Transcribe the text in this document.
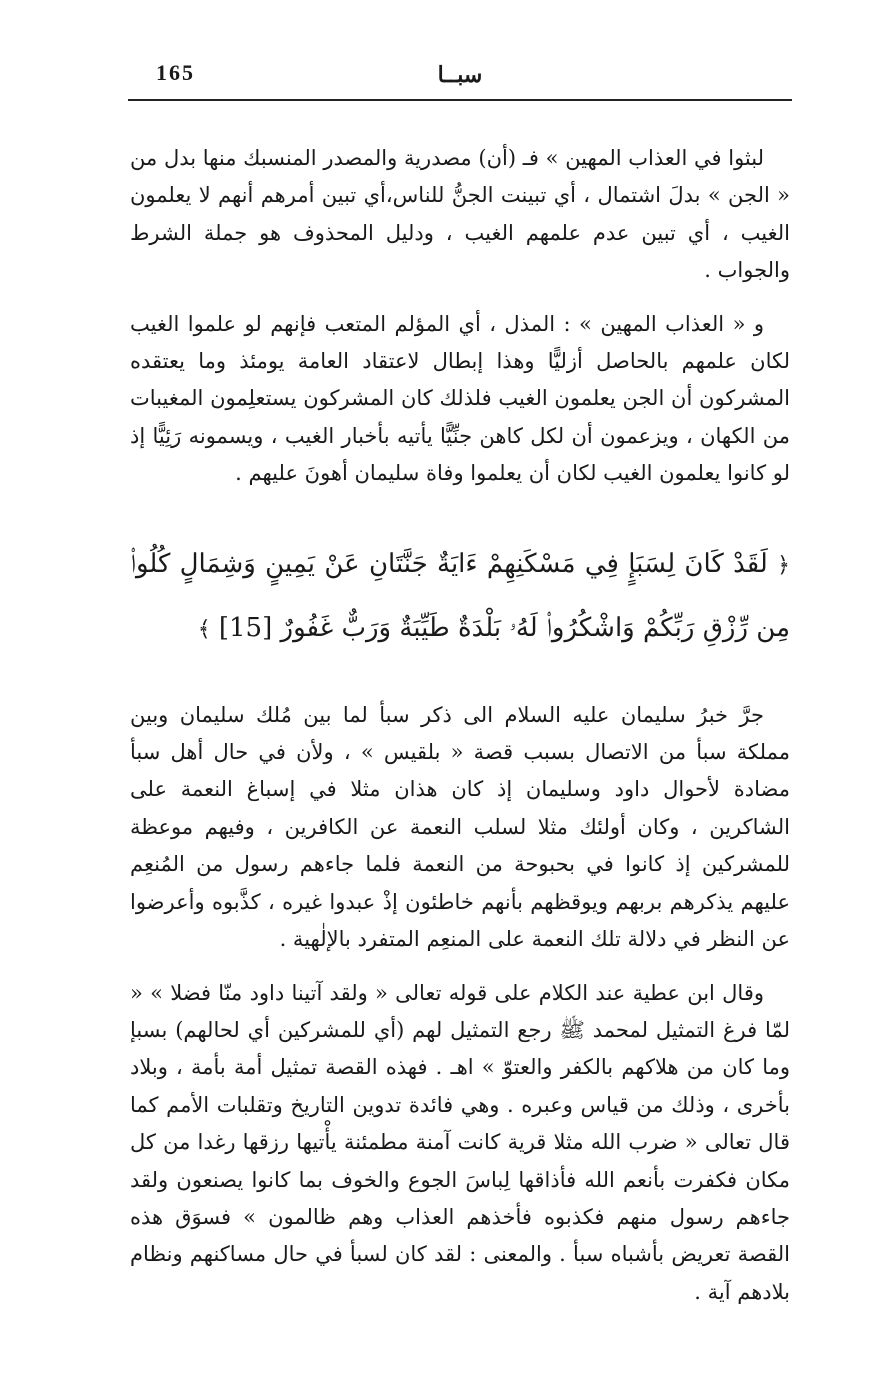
165	سبــا

لبثوا في العذاب المهين » فـ (أن) مصدرية والمصدر المنسبك منها بدل من « الجن » بدلَ اشتمال ، أي تبينت الجنُّ للناس،أي تبين أمرهم أنهم لا يعلمون الغيب ، أي تبين عدم علمهم الغيب ، ودليل المحذوف هو جملة الشرط والجواب .

و « العذاب المهين » : المذل ، أي المؤلم المتعب فإنهم لو علموا الغيب لكان علمهم بالحاصل أزليًّا وهذا إبطال لاعتقاد العامة يومئذ وما يعتقده المشركون أن الجن يعلمون الغيب فلذلك كان المشركون يستعلِمون المغيبات من الكهان ، ويزعمون أن لكل كاهن جنِّيًّا يأتيه بأخبار الغيب ، ويسمونه رَئِيًّا إذ لو كانوا يعلمون الغيب لكان أن يعلموا وفاة سليمان أهونَ عليهم .

﴿ لَقَدْ كَانَ لِسَبَإٍ فِي مَسْكَنِهِمْ ءَايَةٌ جَنَّتَانِ عَنْ يَمِينٍ وَشِمَالٍ كُلُوا۟ مِن رِّزْقِ رَبِّكُمْ وَاشْكُرُوا۟ لَهُۥ بَلْدَةٌ طَيِّبَةٌ وَرَبٌّ غَفُورٌ [15] ﴾

جرَّ خبرُ سليمان عليه السلام الى ذكر سبأ لما بين مُلك سليمان وبين مملكة سبأ من الاتصال بسبب قصة « بلقيس » ، ولأن في حال أهل سبأ مضادة لأحوال داود وسليمان إذ كان هذان مثلا في إسباغ النعمة على الشاكرين ، وكان أولئك مثلا لسلب النعمة عن الكافرين ، وفيهم موعظة للمشركين إذ كانوا في بحبوحة من النعمة فلما جاءهم رسول من المُنعِم عليهم يذكرهم بربهم ويوقظهم بأنهم خاطئون إذْ عبدوا غيره ، كذَّبوه وأعرضوا عن النظر في دلالة تلك النعمة على المنعِم المتفرد بالإلٰهية .

وقال ابن عطية عند الكلام على قوله تعالى « ولقد آتينا داود منّا فضلا » « لمّا فرغ التمثيل لمحمد ﷺ رجع التمثيل لهم (أي للمشركين أي لحالهم) بسبإ وما كان من هلاكهم بالكفر والعتوّ » اهـ . فهذه القصة تمثيل أمة بأمة ، وبلاد بأخرى ، وذلك من قياس وعبره . وهي فائدة تدوين التاريخ وتقلبات الأمم كما قال تعالى « ضرب الله مثلا قرية كانت آمنة مطمئنة يأْتيها رزقها رغدا من كل مكان فكفرت بأنعم الله فأذاقها لِباسَ الجوع والخوف بما كانوا يصنعون ولقد جاءهم رسول منهم فكذبوه فأخذهم العذاب وهم ظالمون » فسوَق هذه القصة تعريض بأشباه سبأ . والمعنى : لقد كان لسبأ في حال مساكنهم ونظام بلادهم آية .
